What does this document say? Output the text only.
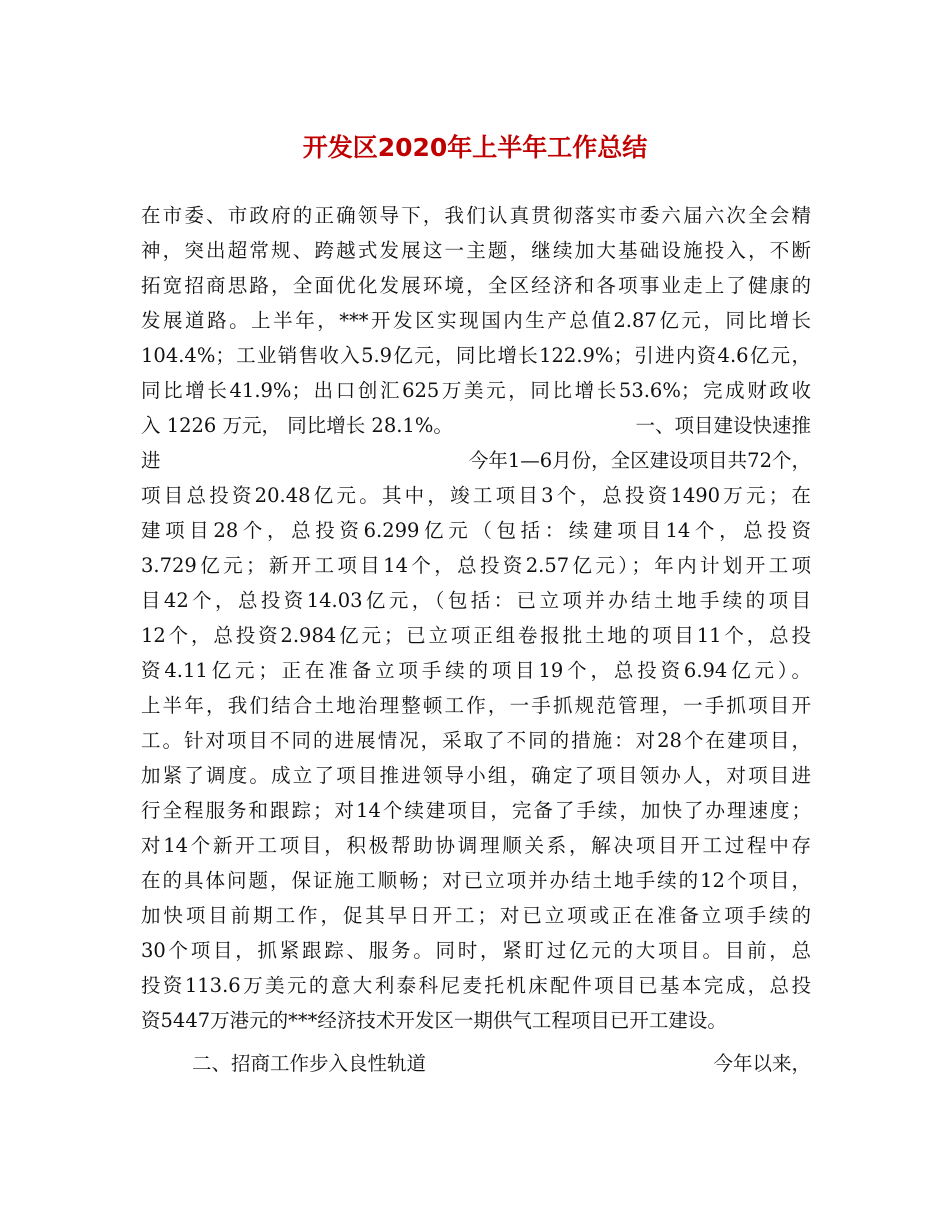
开发区2020年上半年工作总结
在市委、市政府的正确领导下，我们认真贯彻落实市委六届六次全会精
神，突出超常规、跨越式发展这一主题，继续加大基础设施投入，不断
拓宽招商思路，全面优化发展环境，全区经济和各项事业走上了健康的
发展道路。上半年，***开发区实现国内生产总值2.87亿元，同比增长
104.4%；工业销售收入5.9亿元，同比增长122.9%；引进内资4.6亿元，
同比增长41.9%；出口创汇625万美元，同比增长53.6%；完成财政收
入 1226 万元， 同比增长 28.1%。	一、项目建设快速推
进	今年1—6月份，全区建设项目共72个，
项目总投资20.48亿元。其中，竣工项目3个，总投资1490万元；在
建项目28个，总投资6.299亿元（包括：续建项目14个，总投资
3.729亿元；新开工项目14个，总投资2.57亿元）；年内计划开工项
目42个，总投资14.03亿元，（包括：已立项并办结土地手续的项目
12个，总投资2.984亿元；已立项正组卷报批土地的项目11个，总投
资4.11亿元；正在准备立项手续的项目19个，总投资6.94亿元）。
上半年，我们结合土地治理整顿工作，一手抓规范管理，一手抓项目开
工。针对项目不同的进展情况，采取了不同的措施：对28个在建项目，
加紧了调度。成立了项目推进领导小组，确定了项目领办人，对项目进
行全程服务和跟踪；对14个续建项目，完备了手续，加快了办理速度；
对14个新开工项目，积极帮助协调理顺关系，解决项目开工过程中存
在的具体问题，保证施工顺畅；对已立项并办结土地手续的12个项目，
加快项目前期工作，促其早日开工；对已立项或正在准备立项手续的
30个项目，抓紧跟踪、服务。同时，紧盯过亿元的大项目。目前，总
投资113.6万美元的意大利泰科尼麦托机床配件项目已基本完成，总投
资5447万港元的***经济技术开发区一期供气工程项目已开工建设。
二、招商工作步入良性轨道	今年以来，
